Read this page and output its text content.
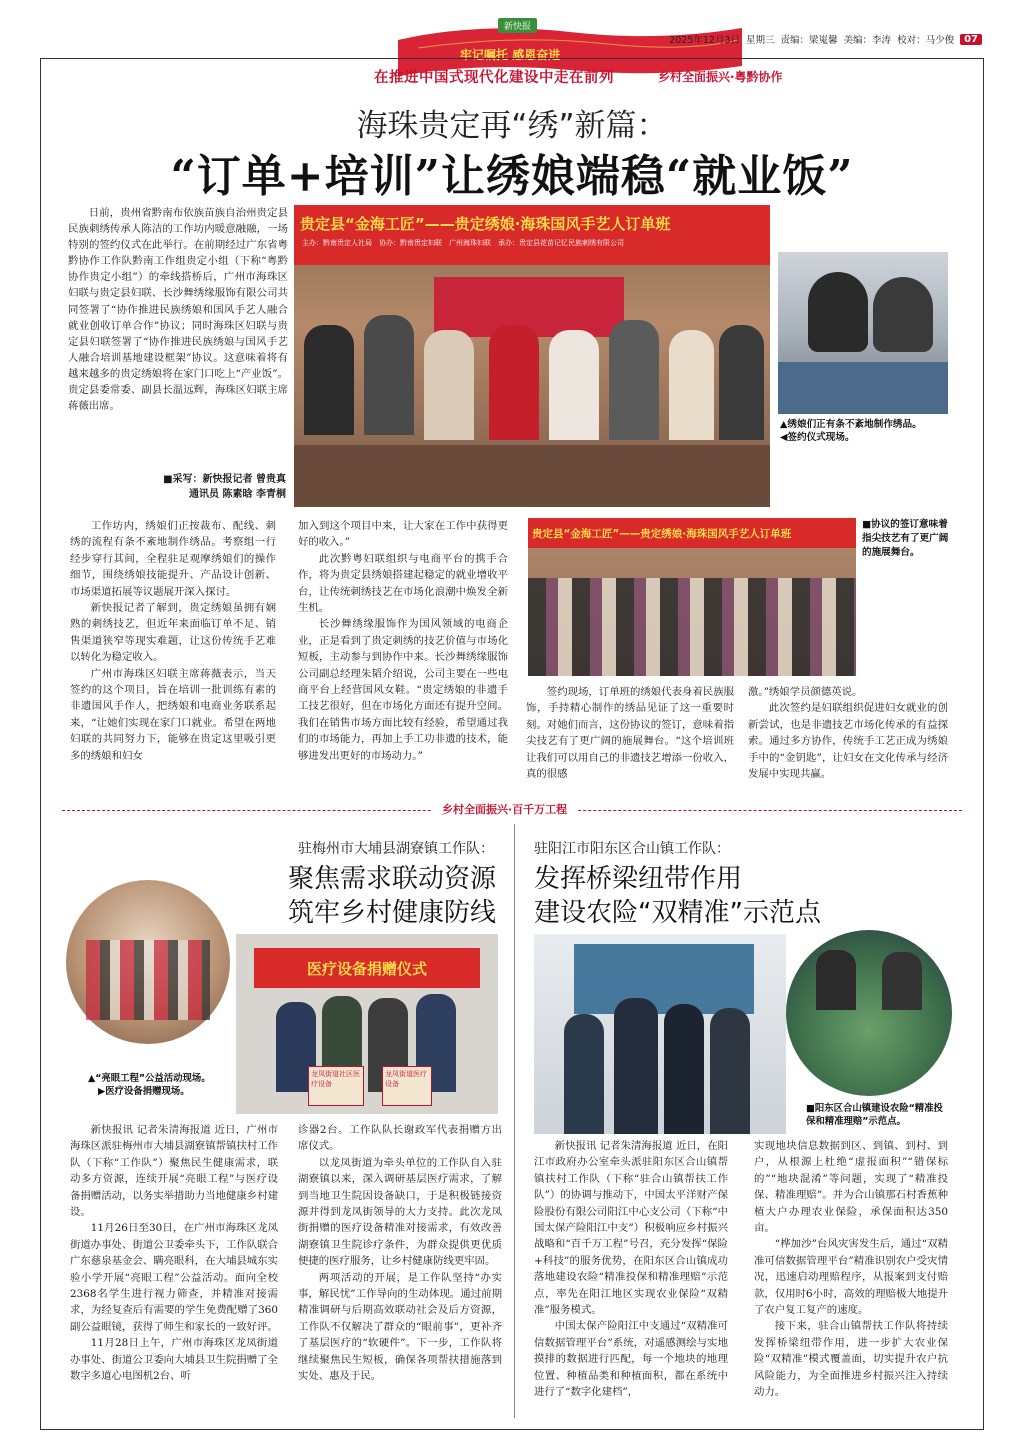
新快报
牢记嘱托 感恩奋进
在推进中国式现代化建设中走在前列	乡村全面振兴·粤黔协作
2025年12月3日 星期三 责编：梁嵬馨 美编：李涛 校对：马少俊	07
海珠贵定再“绣”新篇：
“订单+培训”让绣娘端稳“就业饭”

日前，贵州省黔南布依族苗族自治州贵定县民族刺绣传承人陈洁的工作坊内暖意融融，一场特别的签约仪式在此举行。在前期经过广东省粤黔协作工作队黔南工作组贵定小组（下称“粤黔协作贵定小组”）的牵线搭桥后，广州市海珠区妇联与贵定县妇联、长沙舞绣缘服饰有限公司共同签署了“协作推进民族绣娘和国风手艺人融合就业创收订单合作”协议；同时海珠区妇联与贵定县妇联签署了“协作推进民族绣娘与国风手艺人融合培训基地建设框架”协议。这意味着将有越来越多的贵定绣娘将在家门口吃上“产业饭”。贵定县委常委、副县长温远辉，海珠区妇联主席蒋薇出席。

■采写：新快报记者 曾贵真
通讯员 陈素晗 李青桐
贵定县“金海工匠”——贵定绣娘·海珠国风手艺人订单班
主办：黔南贵定人社局　协办：黔南贵定妇联　广州海珠妇联　承办：贵定县花苗记忆民族刺绣有限公司
▲绣娘们正有条不紊地制作绣品。
◀签约仪式现场。

工作坊内，绣娘们正按裁布、配线、刺绣的流程有条不紊地制作绣品。考察组一行经步穿行其间，全程驻足观摩绣娘们的操作细节，围绕绣娘技能提升、产品设计创新、市场渠道拓展等议题展开深入探讨。

新快报记者了解到，贵定绣娘虽拥有娴熟的刺绣技艺，但近年来面临订单不足、销售渠道狭窄等现实难题，让这份传统手艺难以转化为稳定收入。

广州市海珠区妇联主席蒋薇表示，当天签约的这个项目，旨在培训一批训练有素的非遗国风手作人，把绣娘和电商业务联系起来，“让她们实现在家门口就业。希望在两地妇联的共同努力下，能够在贵定这里吸引更多的绣娘和妇女

加入到这个项目中来，让大家在工作中获得更好的收入。”

此次黔粤妇联组织与电商平台的携手合作，将为贵定县绣娘搭建起稳定的就业增收平台，让传统刺绣技艺在市场化浪潮中焕发全新生机。

长沙舞绣缘服饰作为国风领域的电商企业，正是看到了贵定刺绣的技艺价值与市场化短板，主动参与到协作中来。长沙舞绣缘服饰公司副总经理朱韬介绍说，公司主要在一些电商平台上经营国风女鞋。“贵定绣娘的非遗手工技艺很好，但在市场化方面还有提升空间。我们在销售市场方面比较有经验，希望通过我们的市场能力，再加上手工功非遗的技术，能够进发出更好的市场动力。”

贵定县“金海工匠”——贵定绣娘·海珠国风手艺人订单班
■协议的签订意味着指尖技艺有了更广阔的施展舞台。

签约现场，订单班的绣娘代表身着民族服饰，手持精心制作的绣品见证了这一重要时刻。对她们而言，这份协议的签订，意味着指尖技艺有了更广阔的施展舞台。“这个培训班让我们可以用自己的非遗技艺增添一份收入，真的很感

激。”绣娘学员颜德英说。

此次签约是妇联组织促进妇女就业的创新尝试，也是非遗技艺市场化传承的有益探索。通过多方协作，传统手工艺正成为绣娘手中的“金钥匙”，让妇女在文化传承与经济发展中实现共赢。

乡村全面振兴·百千万工程
驻梅州市大埔县湖寮镇工作队：
聚焦需求联动资源
筑牢乡村健康防线
医疗设备捐赠仪式
龙凤街道社区医疗设备
龙凤街道医疗设备
▲“亮眼工程”公益活动现场。
▶医疗设备捐赠现场。

新快报讯 记者朱清海报道 近日，广州市海珠区派驻梅州市大埔县湖寮镇帮镇扶村工作队（下称“工作队”）聚焦民生健康需求，联动多方资源，连续开展“亮眼工程”与医疗设备捐赠活动，以务实举措助力当地健康乡村建设。

11月26日至30日，在广州市海珠区龙凤街道办事处、街道公卫委牵头下，工作队联合广东慈泉基金会、瞒亮眼科，在大埔县城东实验小学开展“亮眼工程”公益活动。面向全校2368名学生进行视力筛查，并精准对接需求，为经复查后有需要的学生免费配赠了360副公益眼镜，获得了师生和家长的一致好评。

11月28日上午，广州市海珠区龙凤街道办事处、街道公卫委向大埔县卫生院捐赠了全数字多道心电图机2台、听

诊器2台。工作队队长谢政军代表捐赠方出席仪式。

以龙凤街道为牵头单位的工作队自入驻湖寮镇以来，深入调研基层医疗需求，了解到当地卫生院因设备缺口，于是积极链接资源并得到龙凤街领导的大力支持。此次龙凤街捐赠的医疗设备精准对接需求，有效改善湖寮镇卫生院诊疗条件，为群众提供更优质便捷的医疗服务，让乡村健康防线更牢固。

两项活动的开展，是工作队坚持“办实事，解民忧”工作导向的生动体现。通过前期精准调研与后期高效联动社会及后方资源，工作队不仅解决了群众的“眼前事”，更补齐了基层医疗的“软硬件”。下一步，工作队将继续聚焦民生短板，确保各项帮扶措施落到实处、惠及于民。

驻阳江市阳东区合山镇工作队：
发挥桥梁纽带作用
建设农险“双精准”示范点
■阳东区合山镇建设农险“精准投保和精准理赔”示范点。

新快报讯 记者朱清海报道 近日，在阳江市政府办公室牵头派驻阳东区合山镇帮镇扶村工作队（下称“驻合山镇帮扶工作队”）的协调与推动下，中国太平洋财产保险股份有限公司阳江中心支公司（下称“中国太保产险阳江中支”）积极响应乡村振兴战略和“百千万工程”号召，充分发挥“保险+科技”的服务优势，在阳东区合山镇成功落地建设农险“精准投保和精准理赔”示范点，率先在阳江地区实现农业保险“双精准”服务模式。

中国太保产险阳江中支通过“双精准可信数据管理平台”系统，对遥感测绘与实地摸排的数据进行匹配，每一个地块的地理位置、种植品类和种植面积，都在系统中进行了“数字化建档”，

实现地块信息数据到区、到镇、到村、到户，从根源上杜绝“虚报面积”“错保标的”“地块混淆”等问题，实现了“精准投保、精准理赔”。并为合山镇那石村香蕉种植大户办理农业保险，承保面积达350亩。

“桦加沙”台风灾害发生后，通过“双精准可信数据管理平台”精准识别农户受灾情况，迅速启动理赔程序，从报案到支付赔款，仅用时6小时，高效的理赔极大地提升了农户复工复产的速度。

接下来，驻合山镇帮扶工作队将持续发挥桥梁纽带作用，进一步扩大农业保险“双精准”模式覆盖面，切实提升农户抗风险能力，为全面推进乡村振兴注入持续动力。
